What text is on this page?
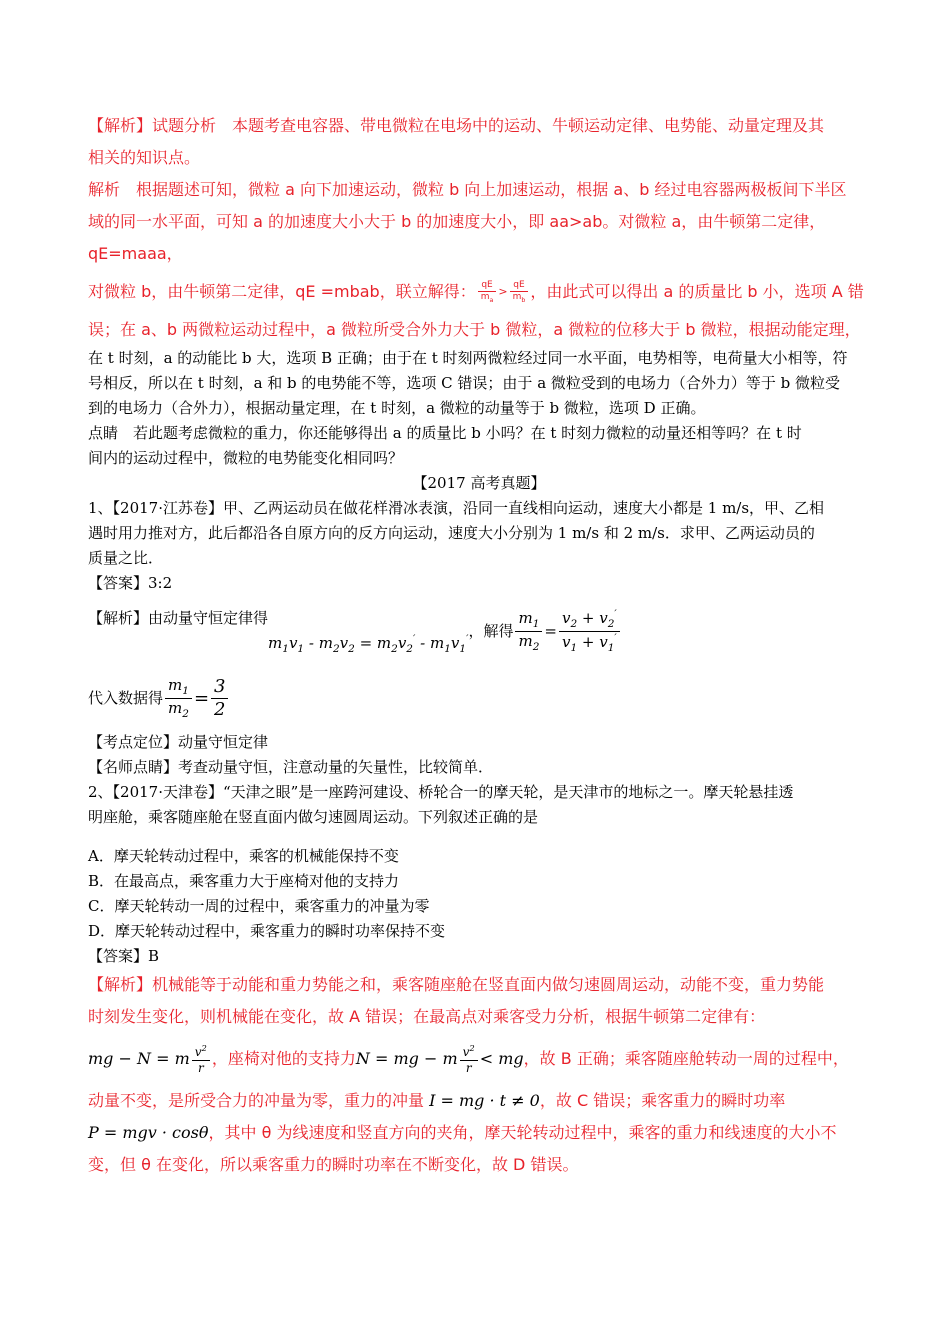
【解析】试题分析　本题考查电容器、带电微粒在电场中的运动、牛顿运动定律、电势能、动量定理及其

相关的知识点。

解析　根据题述可知，微粒 a 向下加速运动，微粒 b 向上加速运动，根据 a、b 经过电容器两极板间下半区

域的同一水平面，可知 a 的加速度大小大于 b 的加速度大小，即 aa>ab。对微粒 a，由牛顿第二定律，qE=maaa，

对微粒 b，由牛顿第二定律，qE =mbab，联立解得： $\frac{qE}{m_a} > \frac{qE}{m_b}$ ，由此式可以得出 a 的质量比 b 小，选项 A 错

误；在 a、b 两微粒运动过程中，a 微粒所受合外力大于 b 微粒，a 微粒的位移大于 b 微粒，根据动能定理，

在 t 时刻，a 的动能比 b 大，选项 B 正确；由于在 t 时刻两微粒经过同一水平面，电势相等，电荷量大小相等，符

号相反，所以在 t 时刻，a 和 b 的电势能不等，选项 C 错误；由于 a 微粒受到的电场力（合外力）等于 b 微粒受

到的电场力（合外力），根据动量定理，在 t 时刻，a 微粒的动量等于 b 微粒，选项 D 正确。

点睛　若此题考虑微粒的重力，你还能够得出 a 的质量比 b 小吗？在 t 时刻力微粒的动量还相等吗？在 t 时

间内的运动过程中，微粒的电势能变化相同吗？

【2017 高考真题】

1、【2017·江苏卷】甲、乙两运动员在做花样滑冰表演，沿同一直线相向运动，速度大小都是 1 m/s，甲、乙相

遇时用力推对方，此后都沿各自原方向的反方向运动，速度大小分别为 1 m/s 和 2 m/s．求甲、乙两运动员的

质量之比．

【答案】3:2

【解析】由动量守恒定律得
$m_1v_1 - m_2v_2 = m_2v_2' - m_1v_1'$ ，解得 $\frac{m_1}{m_2} = \frac{v_2 + v_2'}{v_1 + v_1'}$
代入数据得 $\frac{m_1}{m_2} = \frac{3}{2}$

【考点定位】动量守恒定律

【名师点睛】考查动量守恒，注意动量的矢量性，比较简单．

2、【2017·天津卷】“天津之眼”是一座跨河建设、桥轮合一的摩天轮，是天津市的地标之一。摩天轮悬挂透

明座舱，乘客随座舱在竖直面内做匀速圆周运动。下列叙述正确的是

A．摩天轮转动过程中，乘客的机械能保持不变

B．在最高点，乘客重力大于座椅对他的支持力

C．摩天轮转动一周的过程中，乘客重力的冲量为零

D．摩天轮转动过程中，乘客重力的瞬时功率保持不变

【答案】B

【解析】机械能等于动能和重力势能之和，乘客随座舱在竖直面内做匀速圆周运动，动能不变，重力势能

时刻发生变化，则机械能在变化，故 A 错误；在最高点对乘客受力分析，根据牛顿第二定律有：

mg − N = m $\frac{v^2}{r}$ ，座椅对他的支持力 N = mg − m $\frac{v^2}{r}$ < mg ，故 B 正确；乘客随座舱转动一周的过程中，

动量不变，是所受合力的冲量为零，重力的冲量 I = mg · t ≠ 0，故 C 错误；乘客重力的瞬时功率

P = mgv · cosθ，其中 θ 为线速度和竖直方向的夹角，摩天轮转动过程中，乘客的重力和线速度的大小不

变，但 θ 在变化，所以乘客重力的瞬时功率在不断变化，故 D 错误。
